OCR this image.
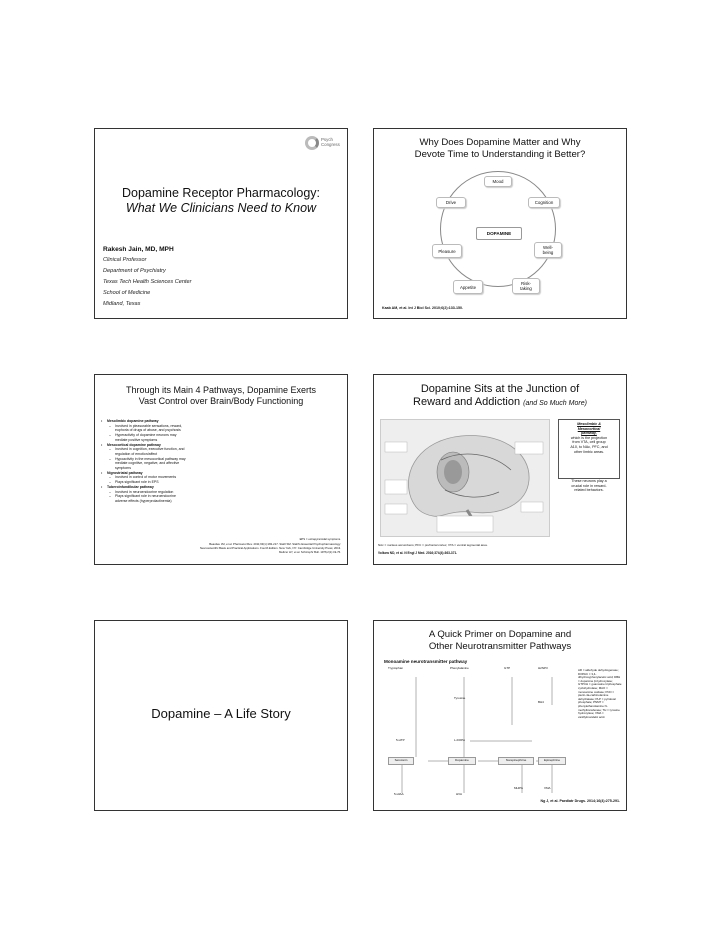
Psych
Congress
Dopamine Receptor Pharmacology:
What We Clinicians Need to Know
Rakesh Jain, MD, MPH
Clinical Professor
Department of Psychiatry
Texas Tech Health Sciences Center
School of Medicine
Midland, Texas
Why Does Dopamine Matter and Why
Devote Time to Understanding it Better?
DOPAMINE
Mood
Drive	Cognition
Pleasure
Well-
being
Appetite
Risk-
taking
Kaab AM, et al. Int J Biol Sci. 2010;6(2):133-150.
Through its Main 4 Pathways, Dopamine Exerts
Vast Control over Brain/Body Functioning
• Mesolimbic dopamine pathway
– Involved in pleasurable sensations, reward,
euphoria of drugs of abuse, and psychosis
– Hyperactivity of dopamine neurons may
mediate positive symptoms
• Mesocortical dopamine pathway
– Involved in cognition, executive function, and
regulation of emotion/affect
– Hypoactivity in the mesocortical pathway may
mediate cognitive, negative, and affective
symptoms
• Nigrostriatal pathway
– Involved in control of motor movements
– Plays significant role in EPS
• Tuberoinfundibular pathway
– Involved in neuroendocrine regulation
– Plays significant role in neuroendocrine
adverse effects (hyperprolactinemia)
EPS = extrapyramidal symptoms.
Beaulieu JM, et al. Pharmacol Rev. 2011;63(1):182-217. Stahl SM. Stahl's Essential Psychopharmacology:
Neuroscientific Basis and Practical Applications. Fourth Edition. New York, NY: Cambridge University Press; 2013.
Meltzer HY, et al. Schizophr Bull. 1976;2(1):19-76.
Dopamine Sits at the Junction of
Reward and Addiction (and So Much More)
Mesolimbic &
Mesocortical
pathway,
which is the projection
from VTA, cell group
A10, to NAc, PFC, and
other limbic areas.
These neurons play a
crucial role in reward-
related behaviors.
NAc = nucleus accumbens; PFC = prefrontal cortex; VTA = ventral tegmental area.
Volkow ND, et al. N Engl J Med. 2016;374(4):363-371.
Dopamine – A Life Story
A Quick Primer on Dopamine and
Other Neurotransmitter Pathways
Monoamine neurotransmitter pathway
Tryptophan	Phenylalanine	GTP	H2NP3
BH4
Tyrosine
L-DOPA
5-HTP
Serotonin	Dopamine	Norepinephrine	Epinephrine
5-HIAA	HVA
MHPG	VMA
AR = aldehyde dehydrogenase; DOPAC = 3,4-dihydroxyphenylacetic acid; DBH = dopamine β-hydroxylase; GTPCH = guanosine triphosphate cyclohydrolase; MAO = monoamine oxidase; PCD = pterin-4a-carbinolamine dehydratase; PLP = pyridoxal phosphate; PNMT = phenylethanolamine N-methyltransferase; TH = tyrosine hydroxylase; VMA = vanillylmandelic acid.
Ng J, et al. Paediatr Drugs. 2014;16(4):275-291.
